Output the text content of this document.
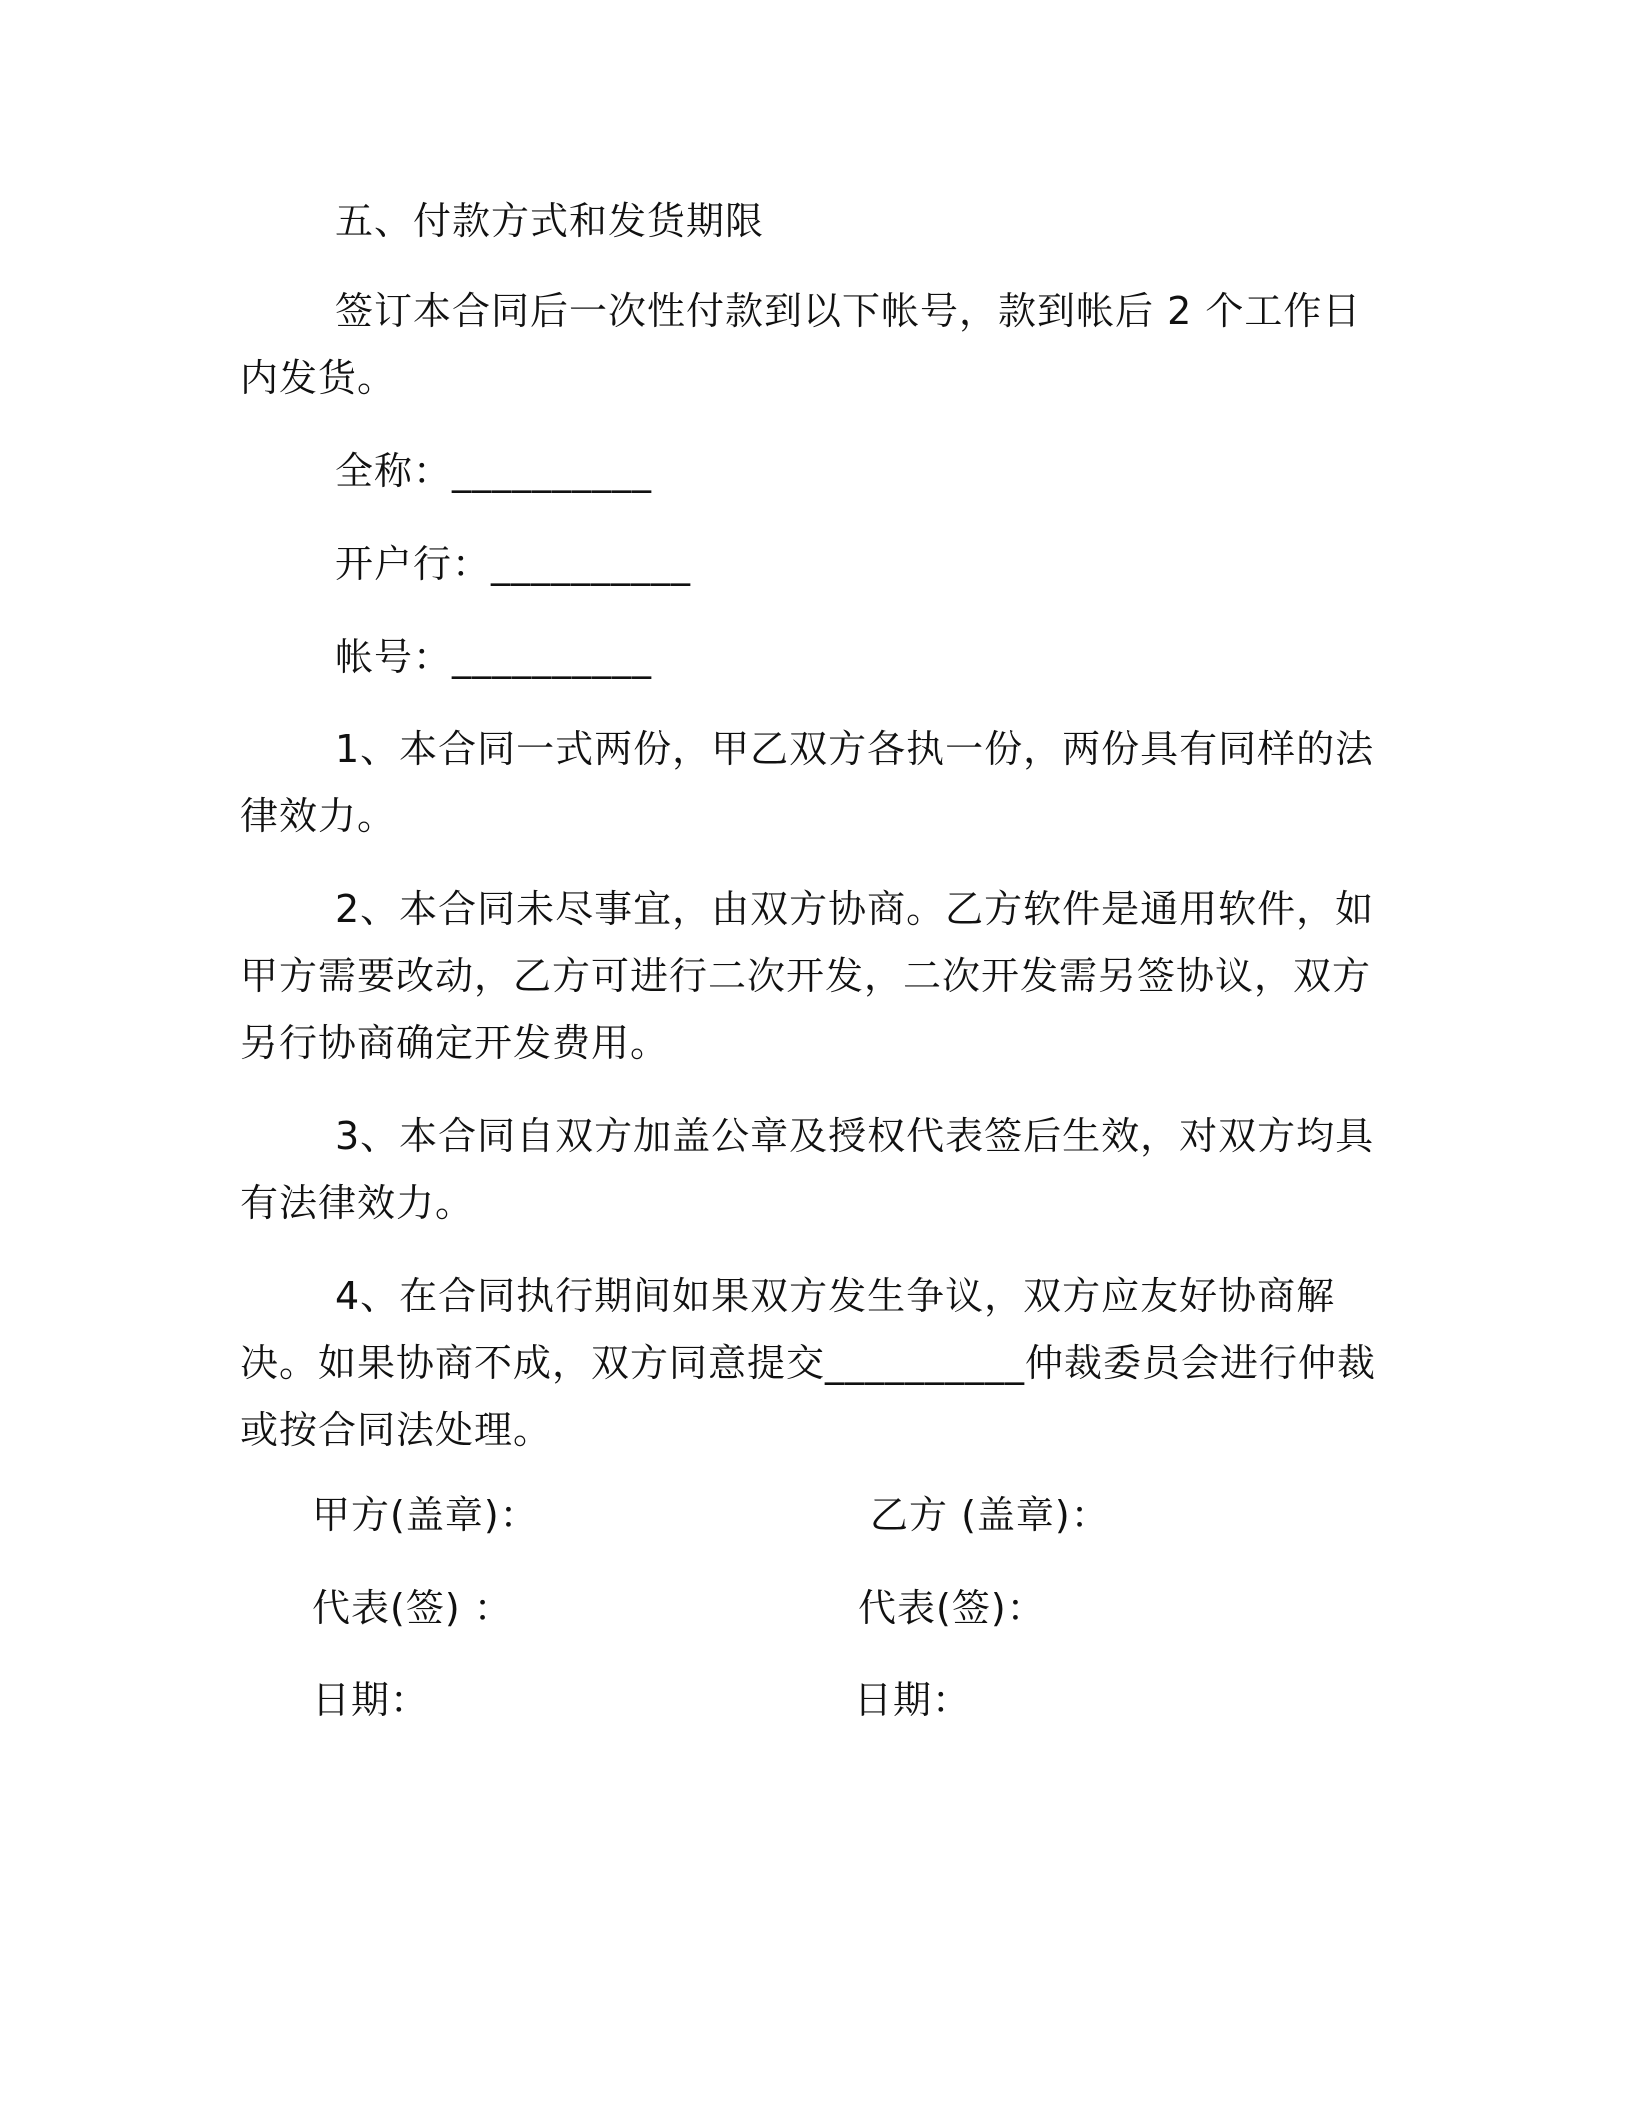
五、付款方式和发货期限

签订本合同后一次性付款到以下帐号，款到帐后 2 个工作日内发货。

全称：__________

开户行：__________

帐号：__________

1、本合同一式两份，甲乙双方各执一份，两份具有同样的法律效力。

2、本合同未尽事宜，由双方协商。乙方软件是通用软件，如甲方需要改动，乙方可进行二次开发，二次开发需另签协议，双方另行协商确定开发费用。

3、本合同自双方加盖公章及授权代表签后生效，对双方均具有法律效力。

4、在合同执行期间如果双方发生争议，双方应友好协商解决。如果协商不成，双方同意提交__________仲裁委员会进行仲裁或按合同法处理。

甲方(盖章)：	乙方 (盖章)：

代表(签) ：	代表(签)：

日期：	日期：
